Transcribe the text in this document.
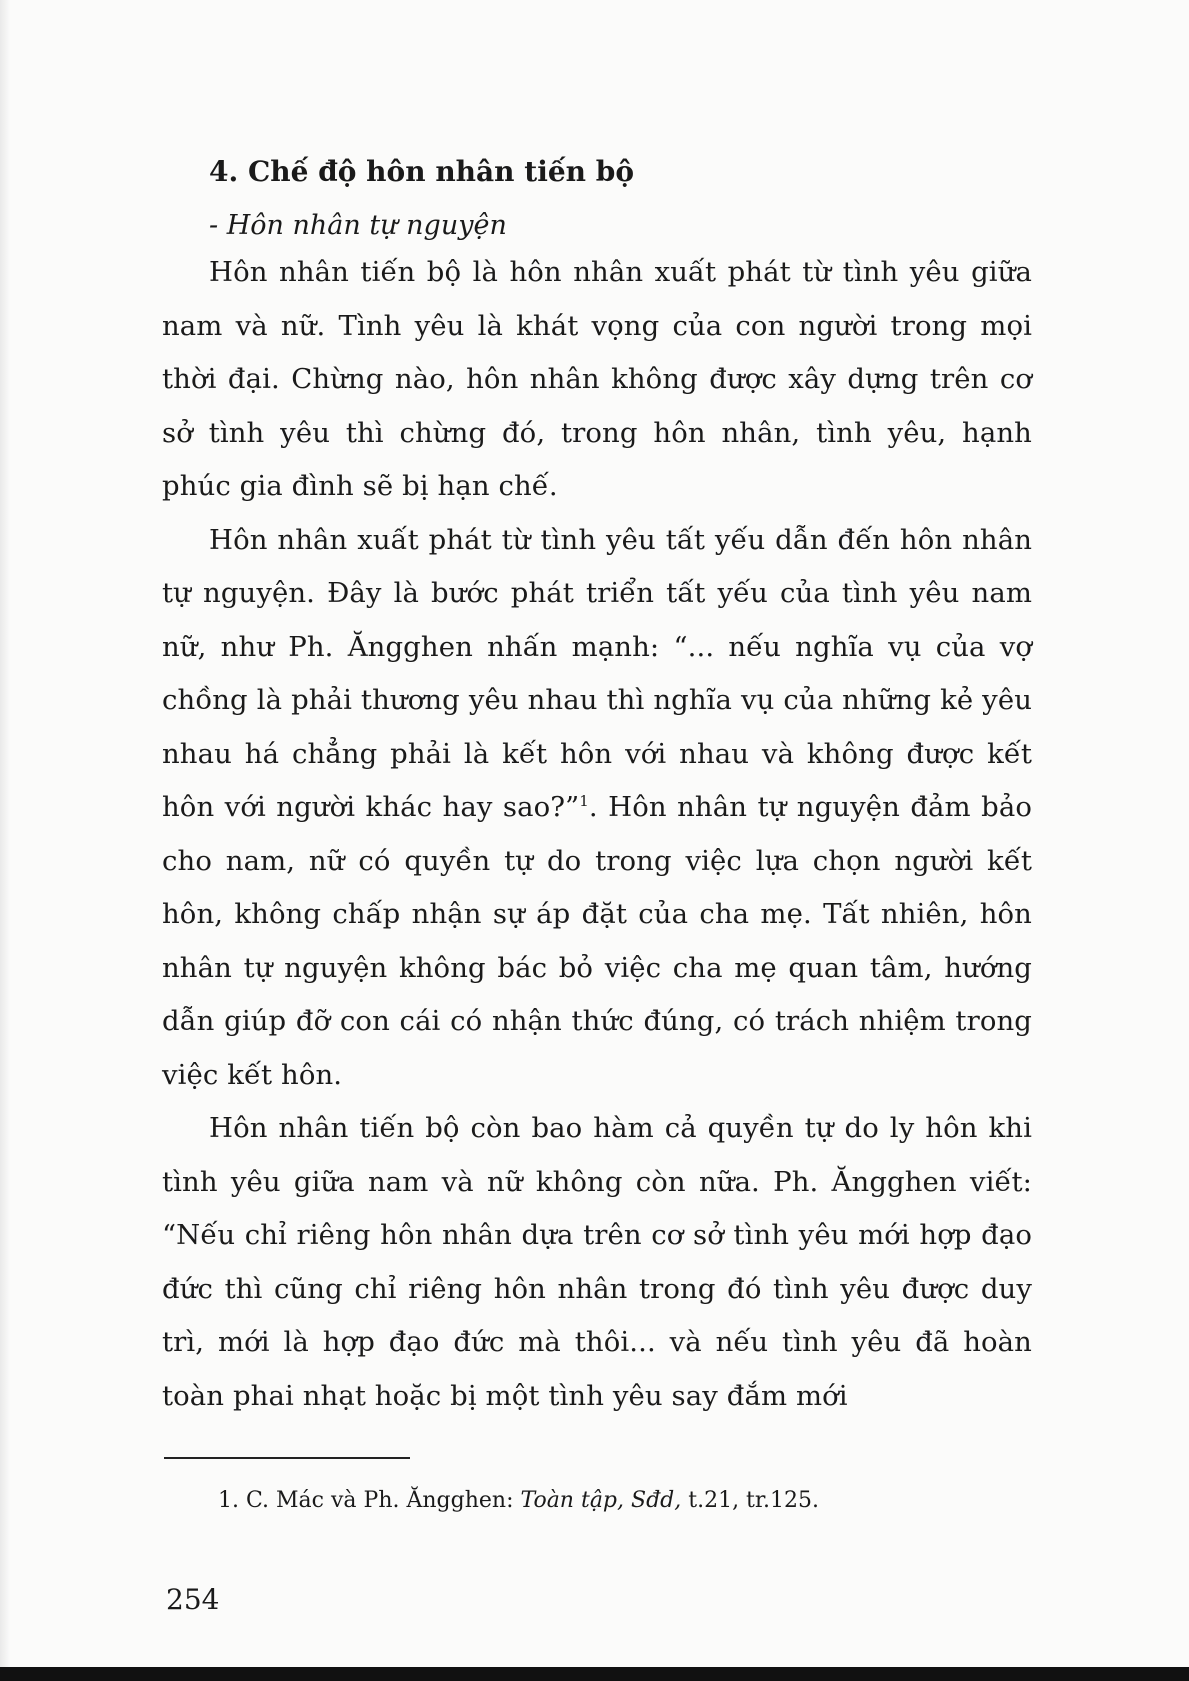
4. Chế độ hôn nhân tiến bộ
- Hôn nhân tự nguyện

Hôn nhân tiến bộ là hôn nhân xuất phát từ tình yêu giữa nam và nữ. Tình yêu là khát vọng của con người trong mọi thời đại. Chừng nào, hôn nhân không được xây dựng trên cơ sở tình yêu thì chừng đó, trong hôn nhân, tình yêu, hạnh phúc gia đình sẽ bị hạn chế.

Hôn nhân xuất phát từ tình yêu tất yếu dẫn đến hôn nhân tự nguyện. Đây là bước phát triển tất yếu của tình yêu nam nữ, như Ph. Ăngghen nhấn mạnh: “... nếu nghĩa vụ của vợ chồng là phải thương yêu nhau thì nghĩa vụ của những kẻ yêu nhau há chẳng phải là kết hôn với nhau và không được kết hôn với người khác hay sao?”$^1$. Hôn nhân tự nguyện đảm bảo cho nam, nữ có quyền tự do trong việc lựa chọn người kết hôn, không chấp nhận sự áp đặt của cha mẹ. Tất nhiên, hôn nhân tự nguyện không bác bỏ việc cha mẹ quan tâm, hướng dẫn giúp đỡ con cái có nhận thức đúng, có trách nhiệm trong việc kết hôn.

Hôn nhân tiến bộ còn bao hàm cả quyền tự do ly hôn khi tình yêu giữa nam và nữ không còn nữa. Ph. Ăngghen viết: “Nếu chỉ riêng hôn nhân dựa trên cơ sở tình yêu mới hợp đạo đức thì cũng chỉ riêng hôn nhân trong đó tình yêu được duy trì, mới là hợp đạo đức mà thôi... và nếu tình yêu đã hoàn toàn phai nhạt hoặc bị một tình yêu say đắm mới

1. C. Mác và Ph. Ăngghen: Toàn tập, Sđd, t.21, tr.125.
254
